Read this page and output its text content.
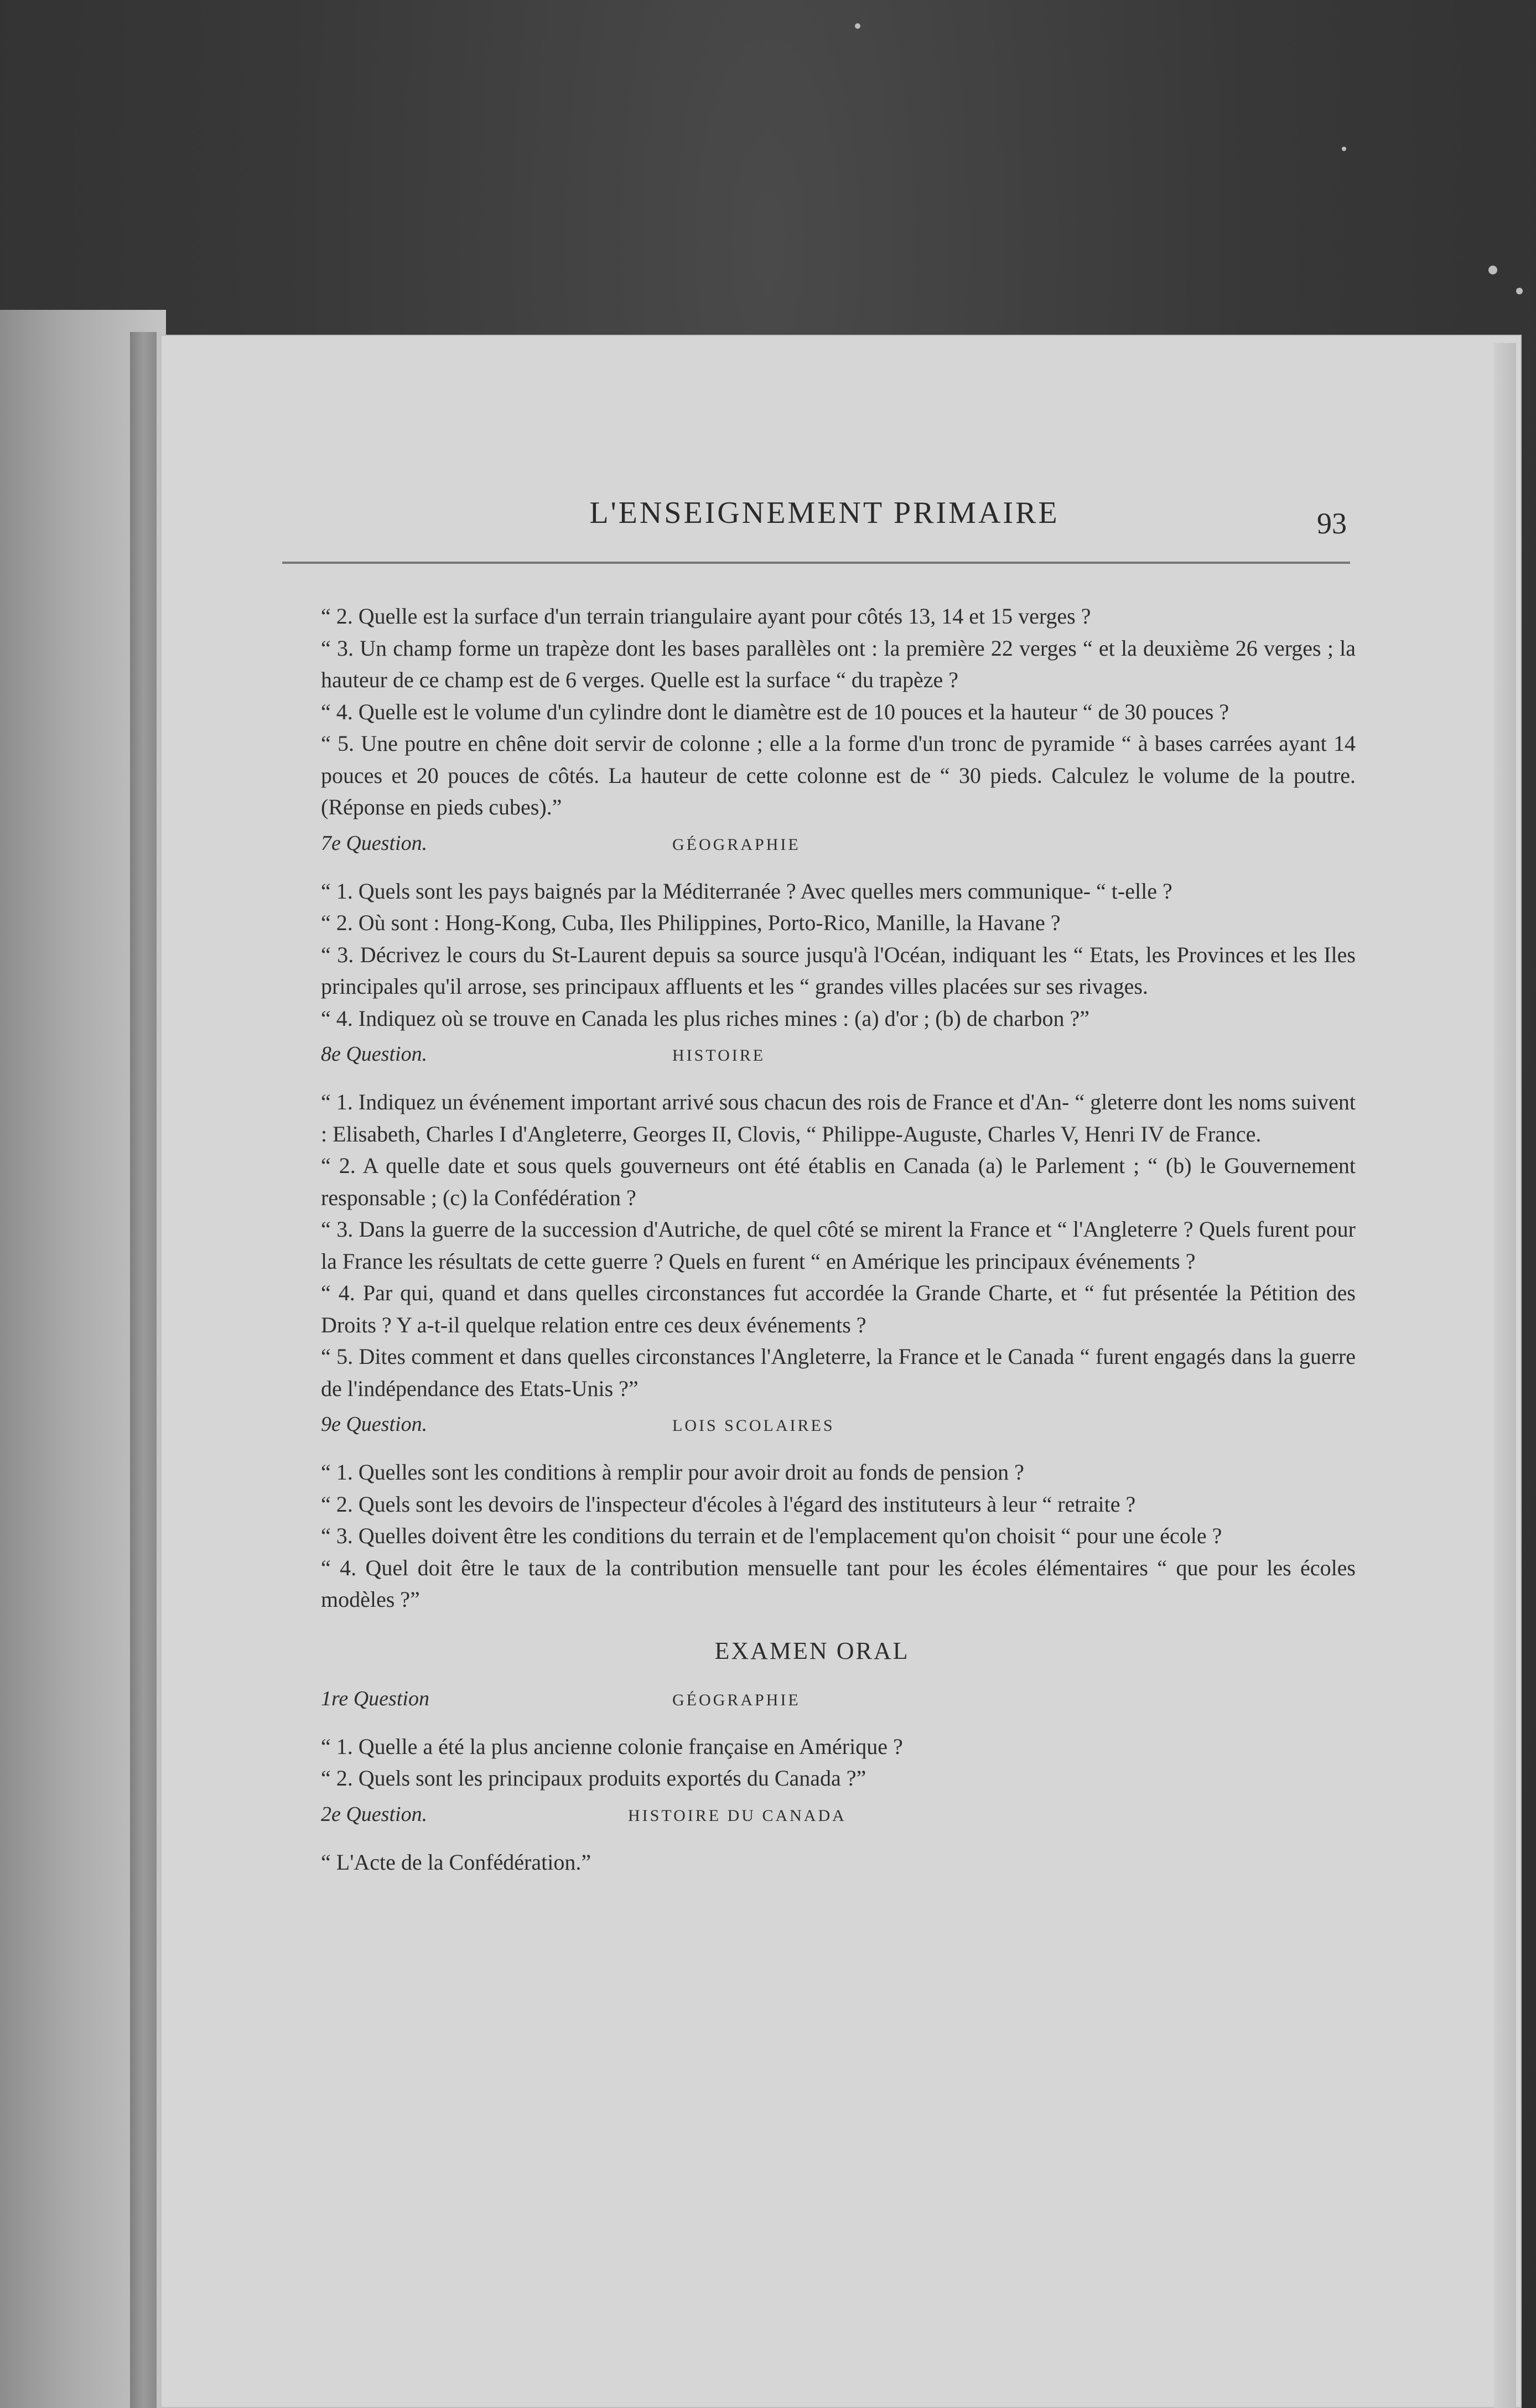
L'ENSEIGNEMENT PRIMAIRE	93

“ 2. Quelle est la surface d'un terrain triangulaire ayant pour côtés 13, 14 et 15 verges ?

“ 3. Un champ forme un trapèze dont les bases parallèles ont : la première 22 verges “ et la deuxième 26 verges ; la hauteur de ce champ est de 6 verges. Quelle est la surface “ du trapèze ?

“ 4. Quelle est le volume d'un cylindre dont le diamètre est de 10 pouces et la hauteur “ de 30 pouces ?

“ 5. Une poutre en chêne doit servir de colonne ; elle a la forme d'un tronc de pyramide “ à bases carrées ayant 14 pouces et 20 pouces de côtés. La hauteur de cette colonne est de “ 30 pieds. Calculez le volume de la poutre. (Réponse en pieds cubes).”

7e Question.	GÉOGRAPHIE

“ 1. Quels sont les pays baignés par la Méditerranée ? Avec quelles mers communique- “ t-elle ?

“ 2. Où sont : Hong-Kong, Cuba, Iles Philippines, Porto-Rico, Manille, la Havane ?

“ 3. Décrivez le cours du St-Laurent depuis sa source jusqu'à l'Océan, indiquant les “ Etats, les Provinces et les Iles principales qu'il arrose, ses principaux affluents et les “ grandes villes placées sur ses rivages.

“ 4. Indiquez où se trouve en Canada les plus riches mines : (a) d'or ; (b) de charbon ?”

8e Question.	HISTOIRE

“ 1. Indiquez un événement important arrivé sous chacun des rois de France et d'An- “ gleterre dont les noms suivent : Elisabeth, Charles I d'Angleterre, Georges II, Clovis, “ Philippe-Auguste, Charles V, Henri IV de France.

“ 2. A quelle date et sous quels gouverneurs ont été établis en Canada (a) le Parlement ; “ (b) le Gouvernement responsable ; (c) la Confédération ?

“ 3. Dans la guerre de la succession d'Autriche, de quel côté se mirent la France et “ l'Angleterre ? Quels furent pour la France les résultats de cette guerre ? Quels en furent “ en Amérique les principaux événements ?

“ 4. Par qui, quand et dans quelles circonstances fut accordée la Grande Charte, et “ fut présentée la Pétition des Droits ? Y a-t-il quelque relation entre ces deux événements ?

“ 5. Dites comment et dans quelles circonstances l'Angleterre, la France et le Canada “ furent engagés dans la guerre de l'indépendance des Etats-Unis ?”

9e Question.	LOIS SCOLAIRES

“ 1. Quelles sont les conditions à remplir pour avoir droit au fonds de pension ?

“ 2. Quels sont les devoirs de l'inspecteur d'écoles à l'égard des instituteurs à leur “ retraite ?

“ 3. Quelles doivent être les conditions du terrain et de l'emplacement qu'on choisit “ pour une école ?

“ 4. Quel doit être le taux de la contribution mensuelle tant pour les écoles élémentaires “ que pour les écoles modèles ?”

EXAMEN ORAL
1re Question	GÉOGRAPHIE

“ 1. Quelle a été la plus ancienne colonie française en Amérique ?

“ 2. Quels sont les principaux produits exportés du Canada ?”

2e Question.	HISTOIRE DU CANADA

“ L'Acte de la Confédération.”
